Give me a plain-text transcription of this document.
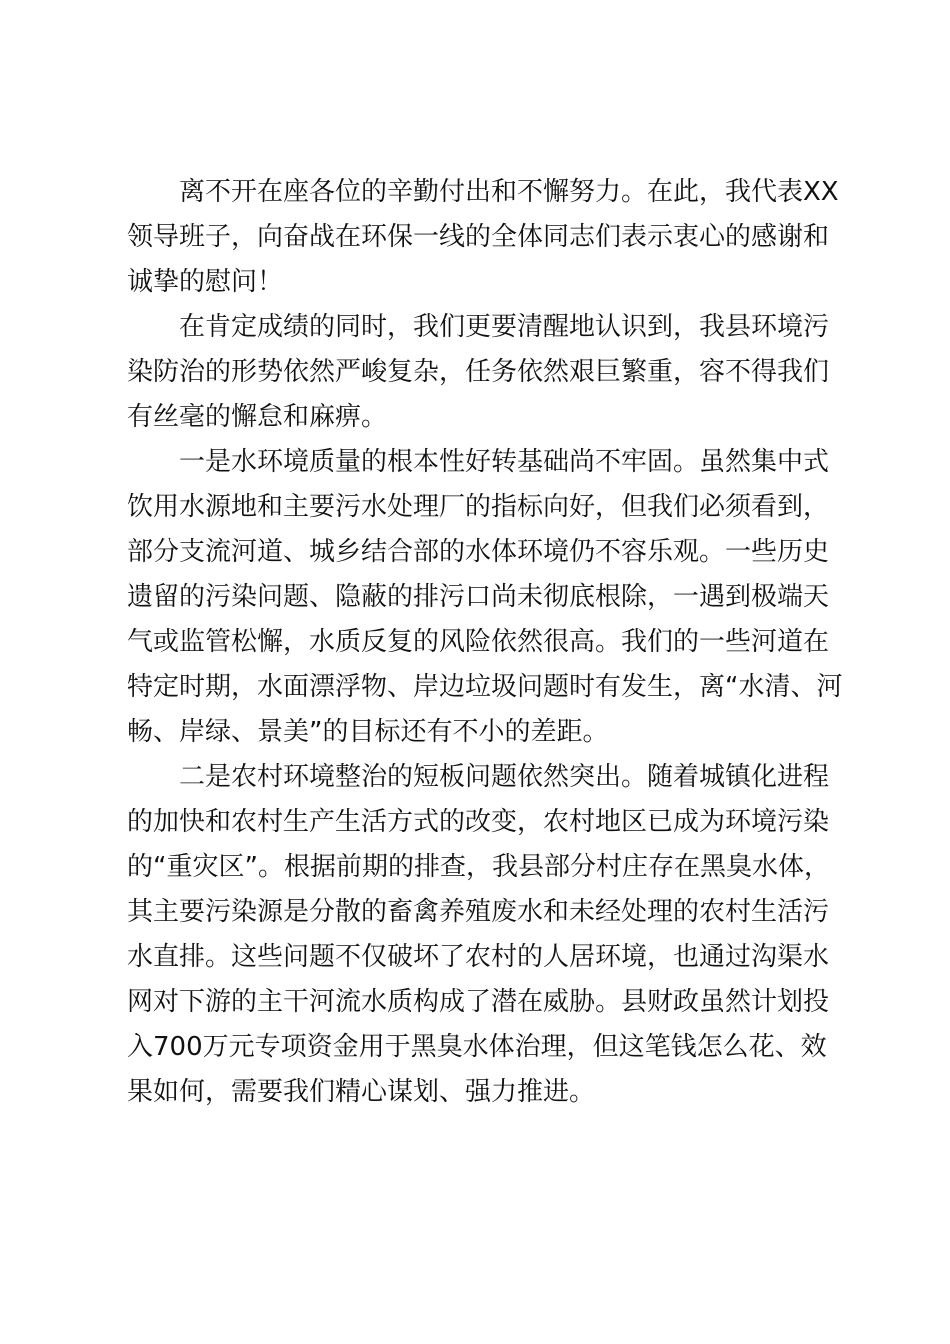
离不开在座各位的辛勤付出和不懈努力。在此，我代表XX

领导班子，向奋战在环保一线的全体同志们表示衷心的感谢和

诚挚的慰问！

在肯定成绩的同时，我们更要清醒地认识到，我县环境污

染防治的形势依然严峻复杂，任务依然艰巨繁重，容不得我们

有丝毫的懈怠和麻痹。

一是水环境质量的根本性好转基础尚不牢固。虽然集中式

饮用水源地和主要污水处理厂的指标向好，但我们必须看到，

部分支流河道、城乡结合部的水体环境仍不容乐观。一些历史

遗留的污染问题、隐蔽的排污口尚未彻底根除，一遇到极端天

气或监管松懈，水质反复的风险依然很高。我们的一些河道在

特定时期，水面漂浮物、岸边垃圾问题时有发生，离“水清、河

畅、岸绿、景美”的目标还有不小的差距。

二是农村环境整治的短板问题依然突出。随着城镇化进程

的加快和农村生产生活方式的改变，农村地区已成为环境污染

的“重灾区”。根据前期的排查，我县部分村庄存在黑臭水体，

其主要污染源是分散的畜禽养殖废水和未经处理的农村生活污

水直排。这些问题不仅破坏了农村的人居环境，也通过沟渠水

网对下游的主干河流水质构成了潜在威胁。县财政虽然计划投

入700万元专项资金用于黑臭水体治理，但这笔钱怎么花、效

果如何，需要我们精心谋划、强力推进。
